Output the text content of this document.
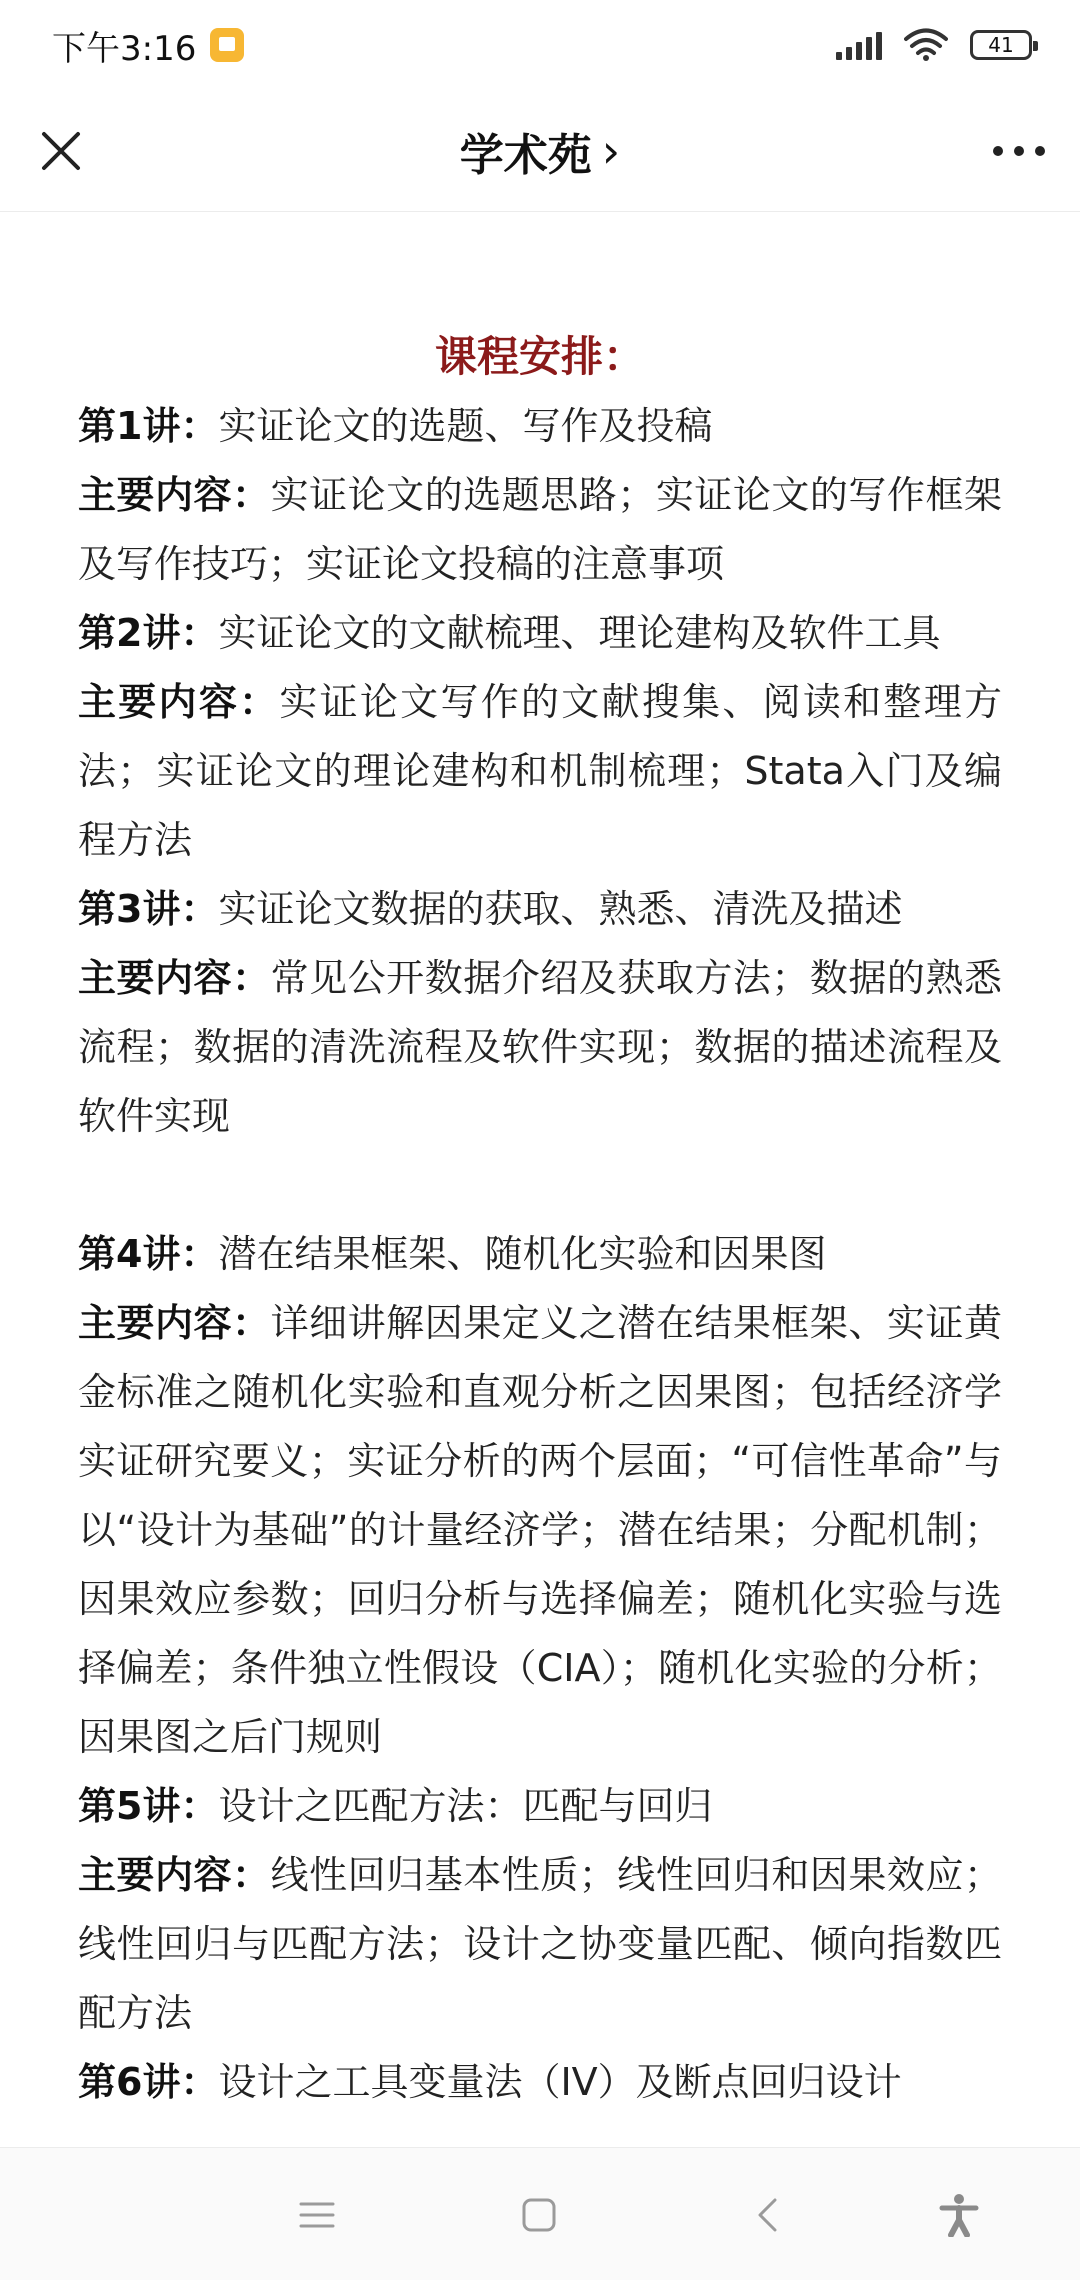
下午3:16	41
学术苑 ›
课程安排：

第1讲：实证论文的选题、写作及投稿

主要内容：实证论文的选题思路；实证论文的写作框架及写作技巧；实证论文投稿的注意事项

第2讲：实证论文的文献梳理、理论建构及软件工具

主要内容：实证论文写作的文献搜集、阅读和整理方法；实证论文的理论建构和机制梳理；Stata入门及编程方法

第3讲：实证论文数据的获取、熟悉、清洗及描述

主要内容：常见公开数据介绍及获取方法；数据的熟悉流程；数据的清洗流程及软件实现；数据的描述流程及软件实现

第4讲：潜在结果框架、随机化实验和因果图

主要内容：详细讲解因果定义之潜在结果框架、实证黄金标准之随机化实验和直观分析之因果图；包括经济学实证研究要义；实证分析的两个层面；“可信性革命”与以“设计为基础”的计量经济学；潜在结果；分配机制；因果效应参数；回归分析与选择偏差；随机化实验与选择偏差；条件独立性假设（CIA）；随机化实验的分析；因果图之后门规则

第5讲：设计之匹配方法：匹配与回归

主要内容：线性回归基本性质；线性回归和因果效应；线性回归与匹配方法；设计之协变量匹配、倾向指数匹配方法

第6讲：设计之工具变量法（IV）及断点回归设计
